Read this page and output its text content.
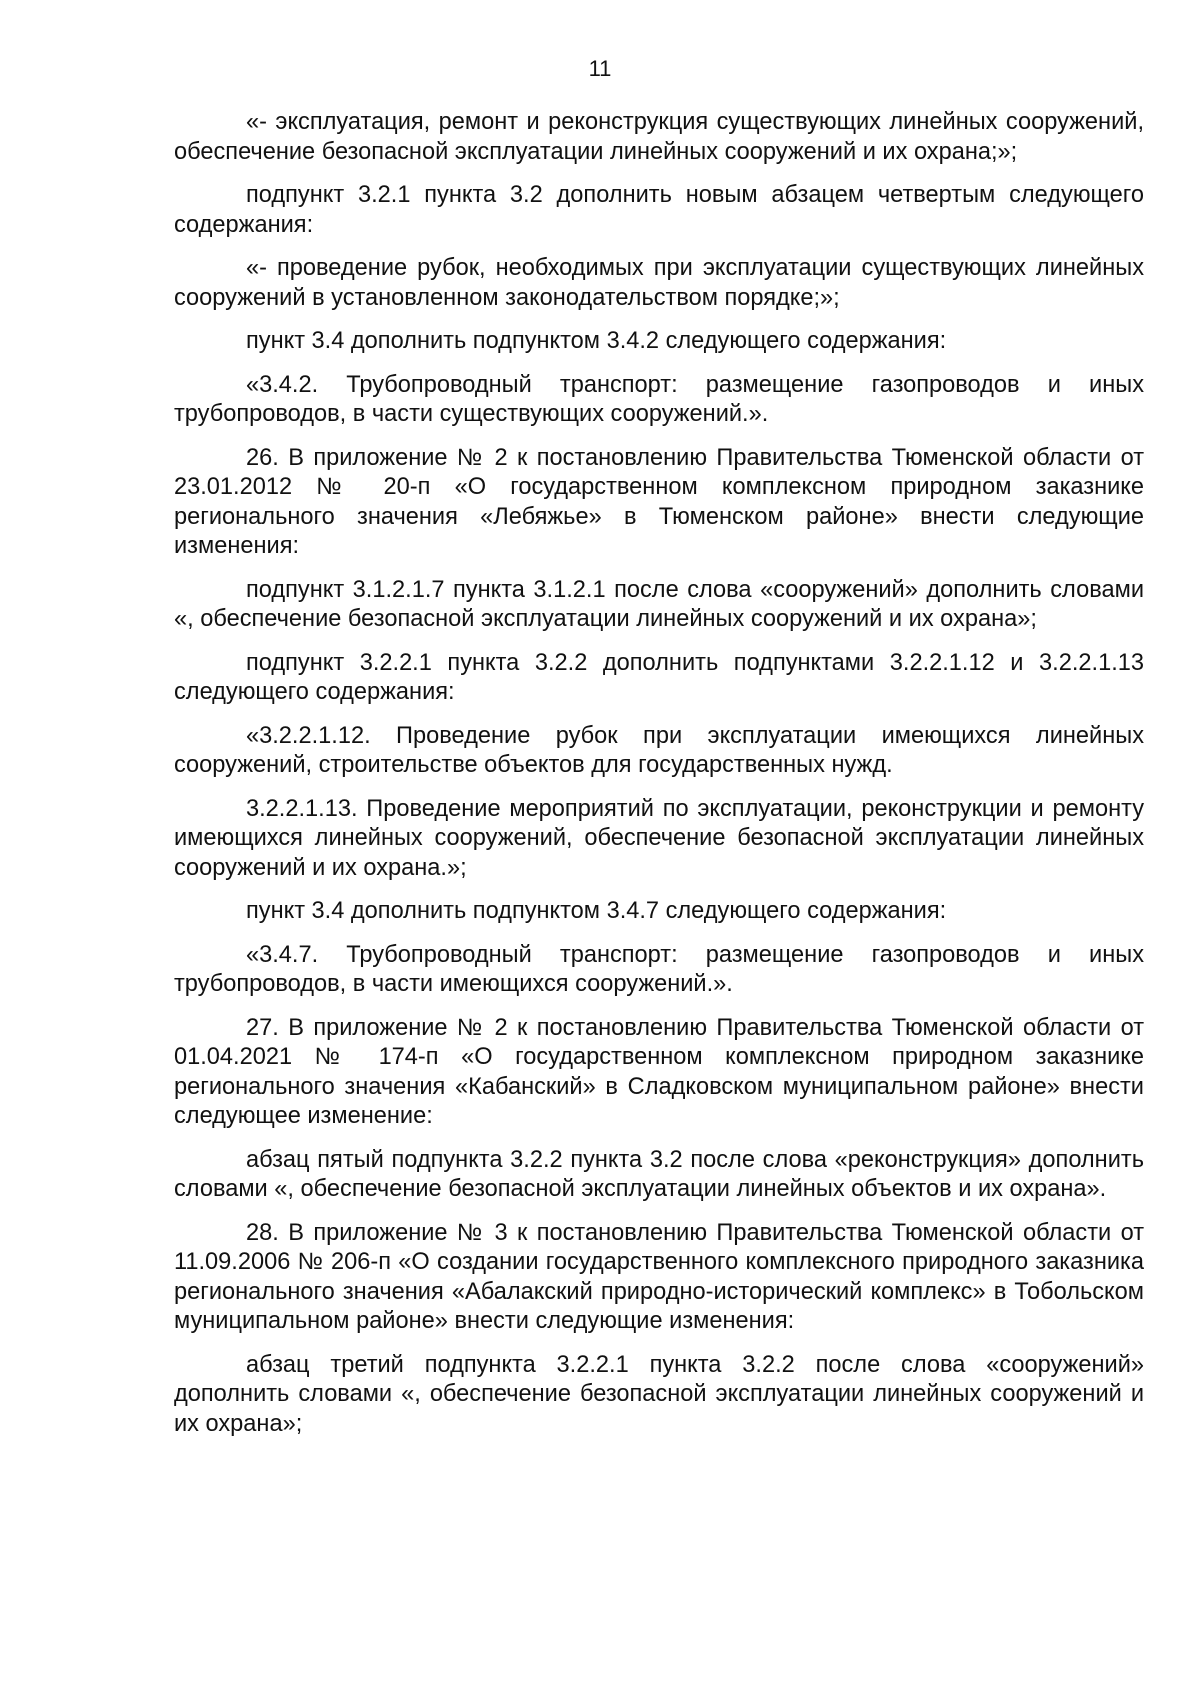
11

«- эксплуатация, ремонт и реконструкция существующих линейных сооружений, обеспечение безопасной эксплуатации линейных сооружений и их охрана;»;

подпункт 3.2.1 пункта 3.2 дополнить новым абзацем четвертым следующего содержания:

«- проведение рубок, необходимых при эксплуатации существующих линейных сооружений в установленном законодательством порядке;»;

пункт 3.4 дополнить подпунктом 3.4.2 следующего содержания:

«3.4.2. Трубопроводный транспорт: размещение газопроводов и иных трубопроводов, в части существующих сооружений.».

26. В приложение № 2 к постановлению Правительства Тюменской области от 23.01.2012 № 20-п «О государственном комплексном природном заказнике регионального значения «Лебяжье» в Тюменском районе» внести следующие изменения:

подпункт 3.1.2.1.7 пункта 3.1.2.1 после слова «сооружений» дополнить словами «, обеспечение безопасной эксплуатации линейных сооружений и их охрана»;

подпункт 3.2.2.1 пункта 3.2.2 дополнить подпунктами 3.2.2.1.12 и 3.2.2.1.13 следующего содержания:

«3.2.2.1.12. Проведение рубок при эксплуатации имеющихся линейных сооружений, строительстве объектов для государственных нужд.

3.2.2.1.13. Проведение мероприятий по эксплуатации, реконструкции и ремонту имеющихся линейных сооружений, обеспечение безопасной эксплуатации линейных сооружений и их охрана.»;

пункт 3.4 дополнить подпунктом 3.4.7 следующего содержания:

«3.4.7. Трубопроводный транспорт: размещение газопроводов и иных трубопроводов, в части имеющихся сооружений.».

27. В приложение № 2 к постановлению Правительства Тюменской области от 01.04.2021 № 174-п «О государственном комплексном природном заказнике регионального значения «Кабанский» в Сладковском муниципальном районе» внести следующее изменение:

абзац пятый подпункта 3.2.2 пункта 3.2 после слова «реконструкция» дополнить словами «, обеспечение безопасной эксплуатации линейных объектов и их охрана».

28. В приложение № 3 к постановлению Правительства Тюменской области от 11.09.2006 № 206-п «О создании государственного комплексного природного заказника регионального значения «Абалакский природно-исторический комплекс» в Тобольском муниципальном районе» внести следующие изменения:

абзац третий подпункта 3.2.2.1 пункта 3.2.2 после слова «сооружений» дополнить словами «, обеспечение безопасной эксплуатации линейных сооружений и их охрана»;
